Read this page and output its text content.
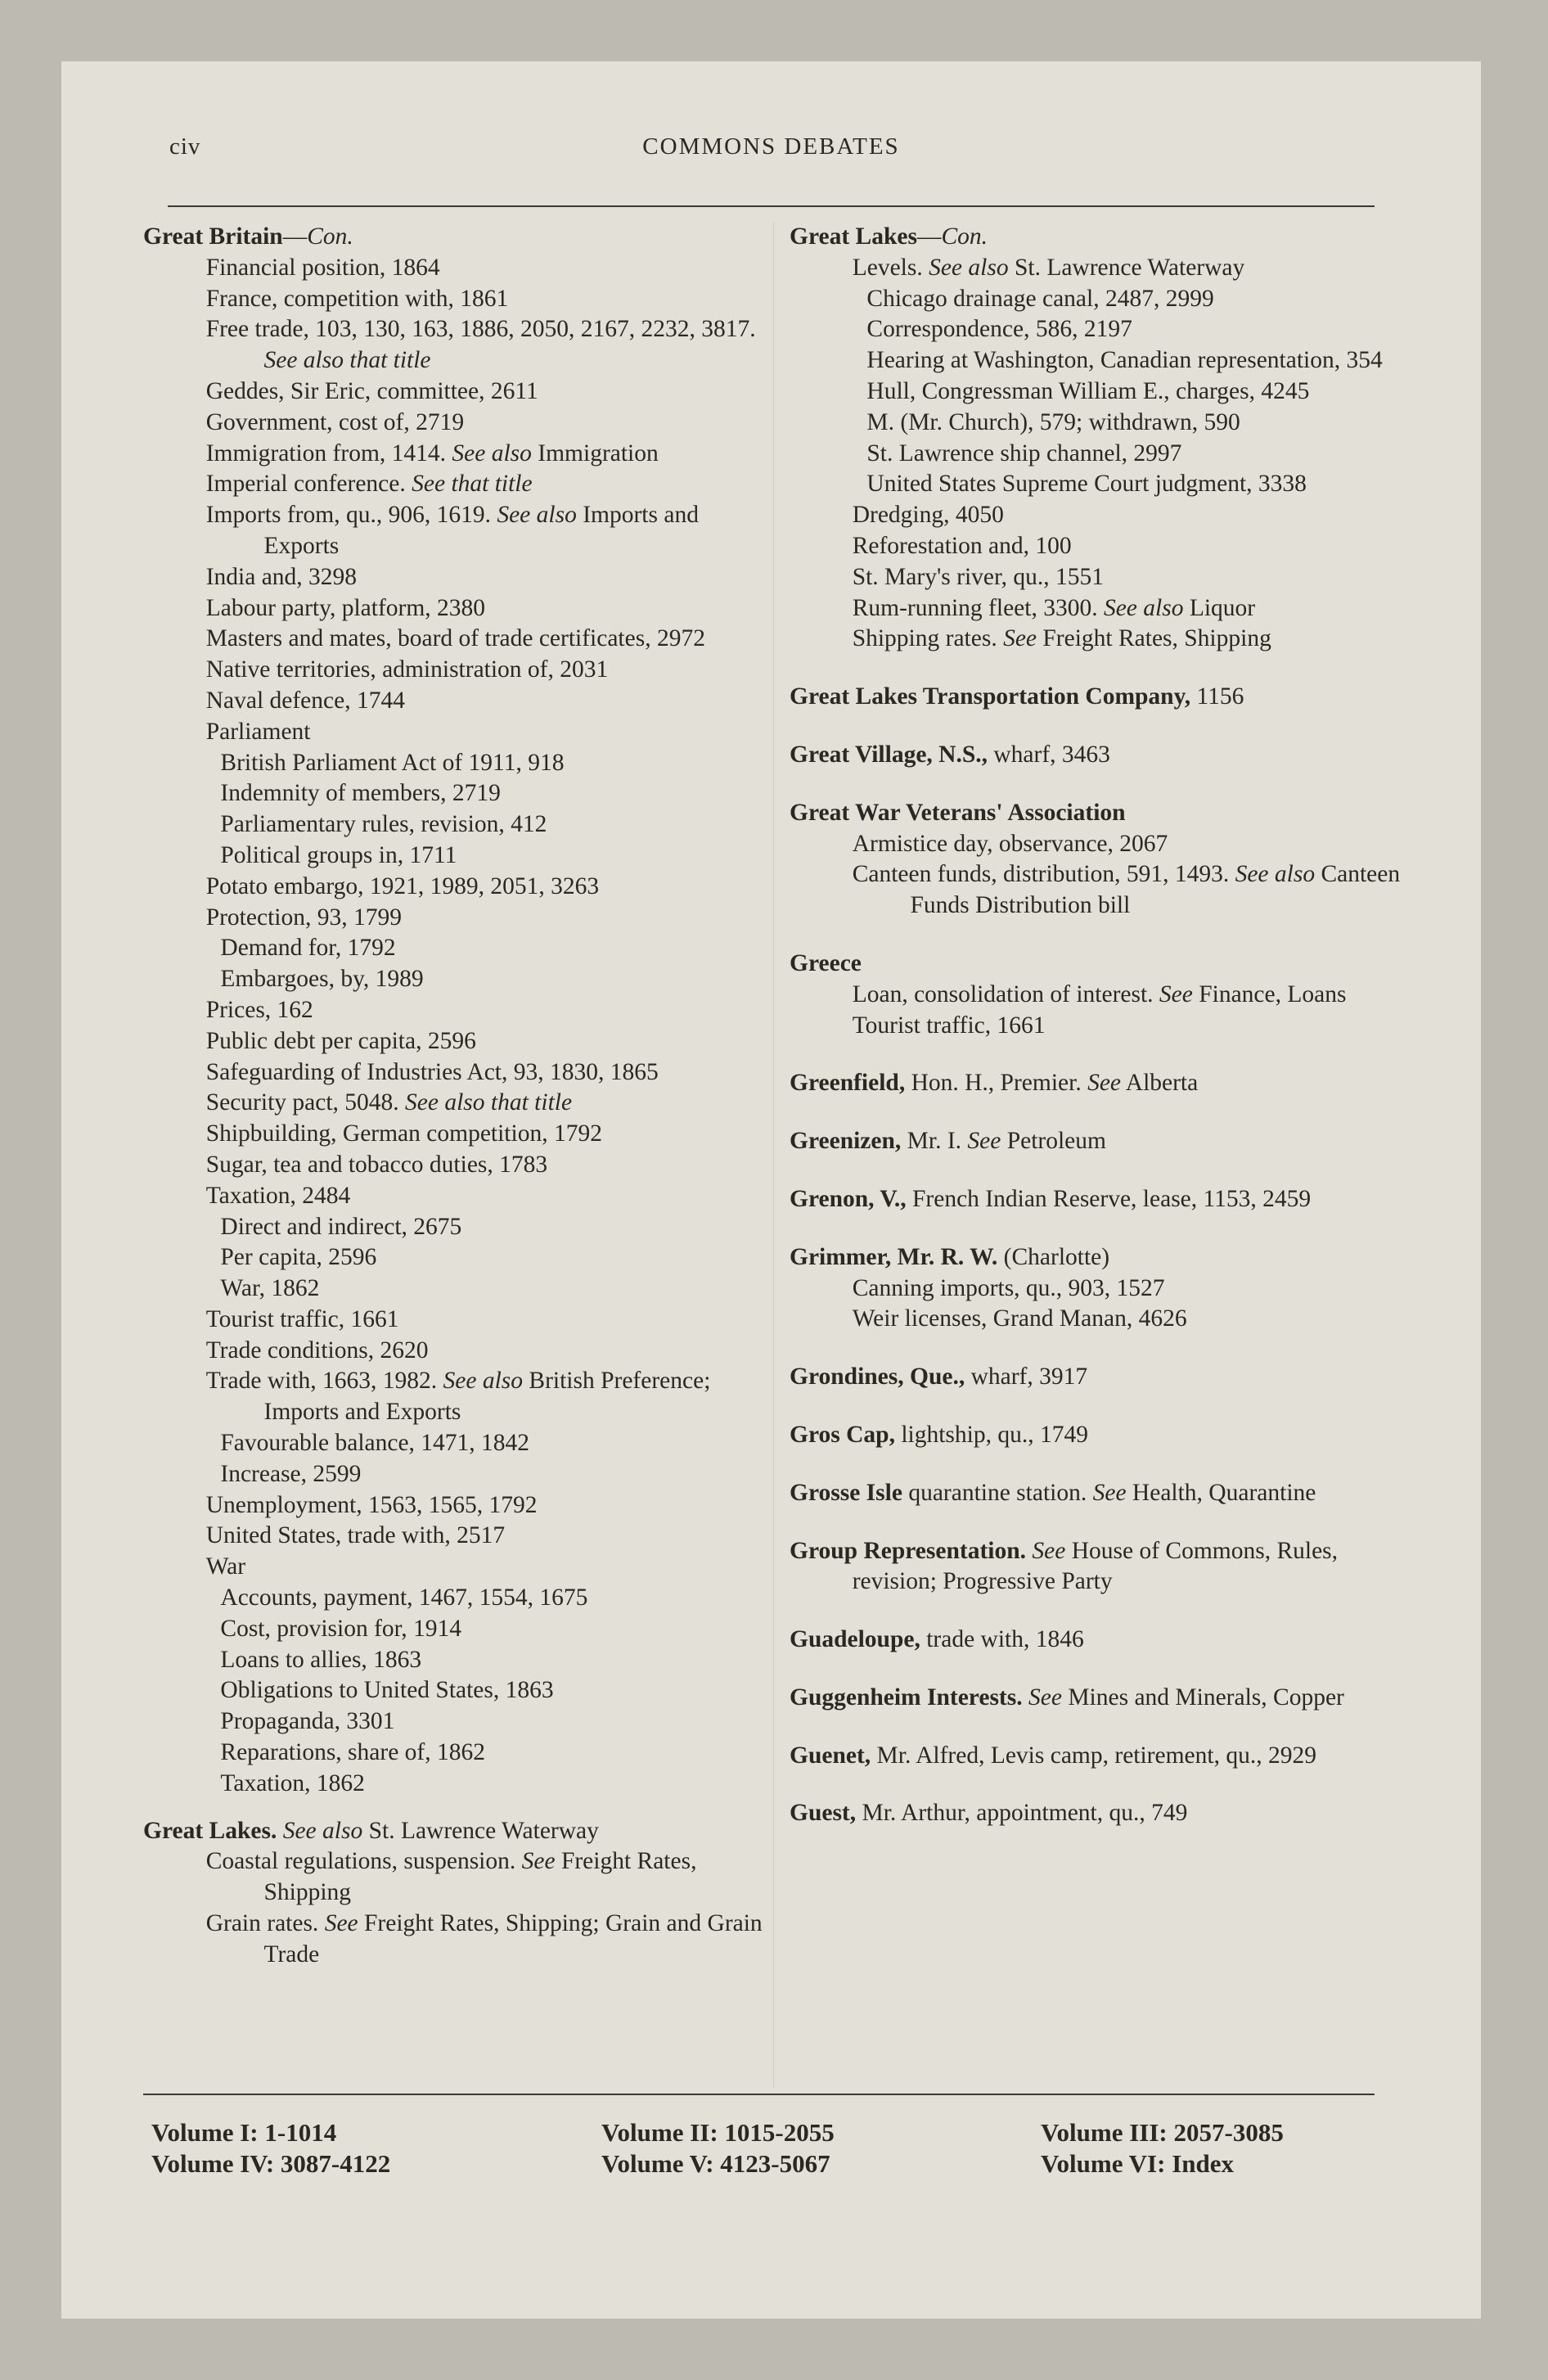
civ	COMMONS DEBATES
Great Britain—Con.
Financial position, 1864
France, competition with, 1861
Free trade, 103, 130, 163, 1886, 2050, 2167, 2232, 3817. See also that title
Geddes, Sir Eric, committee, 2611
Government, cost of, 2719
Immigration from, 1414. See also Immigration
Imperial conference. See that title
Imports from, qu., 906, 1619. See also Imports and Exports
India and, 3298
Labour party, platform, 2380
Masters and mates, board of trade certificates, 2972
Native territories, administration of, 2031
Naval defence, 1744
Parliament
British Parliament Act of 1911, 918
Indemnity of members, 2719
Parliamentary rules, revision, 412
Political groups in, 1711
Potato embargo, 1921, 1989, 2051, 3263
Protection, 93, 1799
Demand for, 1792
Embargoes, by, 1989
Prices, 162
Public debt per capita, 2596
Safeguarding of Industries Act, 93, 1830, 1865
Security pact, 5048. See also that title
Shipbuilding, German competition, 1792
Sugar, tea and tobacco duties, 1783
Taxation, 2484
Direct and indirect, 2675
Per capita, 2596
War, 1862
Tourist traffic, 1661
Trade conditions, 2620
Trade with, 1663, 1982. See also British Preference; Imports and Exports
Favourable balance, 1471, 1842
Increase, 2599
Unemployment, 1563, 1565, 1792
United States, trade with, 2517
War
Accounts, payment, 1467, 1554, 1675
Cost, provision for, 1914
Loans to allies, 1863
Obligations to United States, 1863
Propaganda, 3301
Reparations, share of, 1862
Taxation, 1862
Great Lakes. See also St. Lawrence Waterway
Coastal regulations, suspension. See Freight Rates, Shipping
Grain rates. See Freight Rates, Shipping; Grain and Grain Trade
Great Lakes—Con.
Levels. See also St. Lawrence Waterway
Chicago drainage canal, 2487, 2999
Correspondence, 586, 2197
Hearing at Washington, Canadian representation, 354
Hull, Congressman William E., charges, 4245
M. (Mr. Church), 579; withdrawn, 590
St. Lawrence ship channel, 2997
United States Supreme Court judgment, 3338
Dredging, 4050
Reforestation and, 100
St. Mary's river, qu., 1551
Rum-running fleet, 3300. See also Liquor
Shipping rates. See Freight Rates, Shipping
Great Lakes Transportation Company, 1156
Great Village, N.S., wharf, 3463
Great War Veterans' Association
Armistice day, observance, 2067
Canteen funds, distribution, 591, 1493. See also Canteen Funds Distribution bill
Greece
Loan, consolidation of interest. See Finance, Loans
Tourist traffic, 1661
Greenfield, Hon. H., Premier. See Alberta
Greenizen, Mr. I. See Petroleum
Grenon, V., French Indian Reserve, lease, 1153, 2459
Grimmer, Mr. R. W. (Charlotte)
Canning imports, qu., 903, 1527
Weir licenses, Grand Manan, 4626
Grondines, Que., wharf, 3917
Gros Cap, lightship, qu., 1749
Grosse Isle quarantine station. See Health, Quarantine
Group Representation. See House of Commons, Rules, revision; Progressive Party
Guadeloupe, trade with, 1846
Guggenheim Interests. See Mines and Minerals, Copper
Guenet, Mr. Alfred, Levis camp, retirement, qu., 2929
Guest, Mr. Arthur, appointment, qu., 749
Volume I: 1-1014
Volume IV: 3087-4122
Volume II: 1015-2055
Volume V: 4123-5067
Volume III: 2057-3085
Volume VI: Index
